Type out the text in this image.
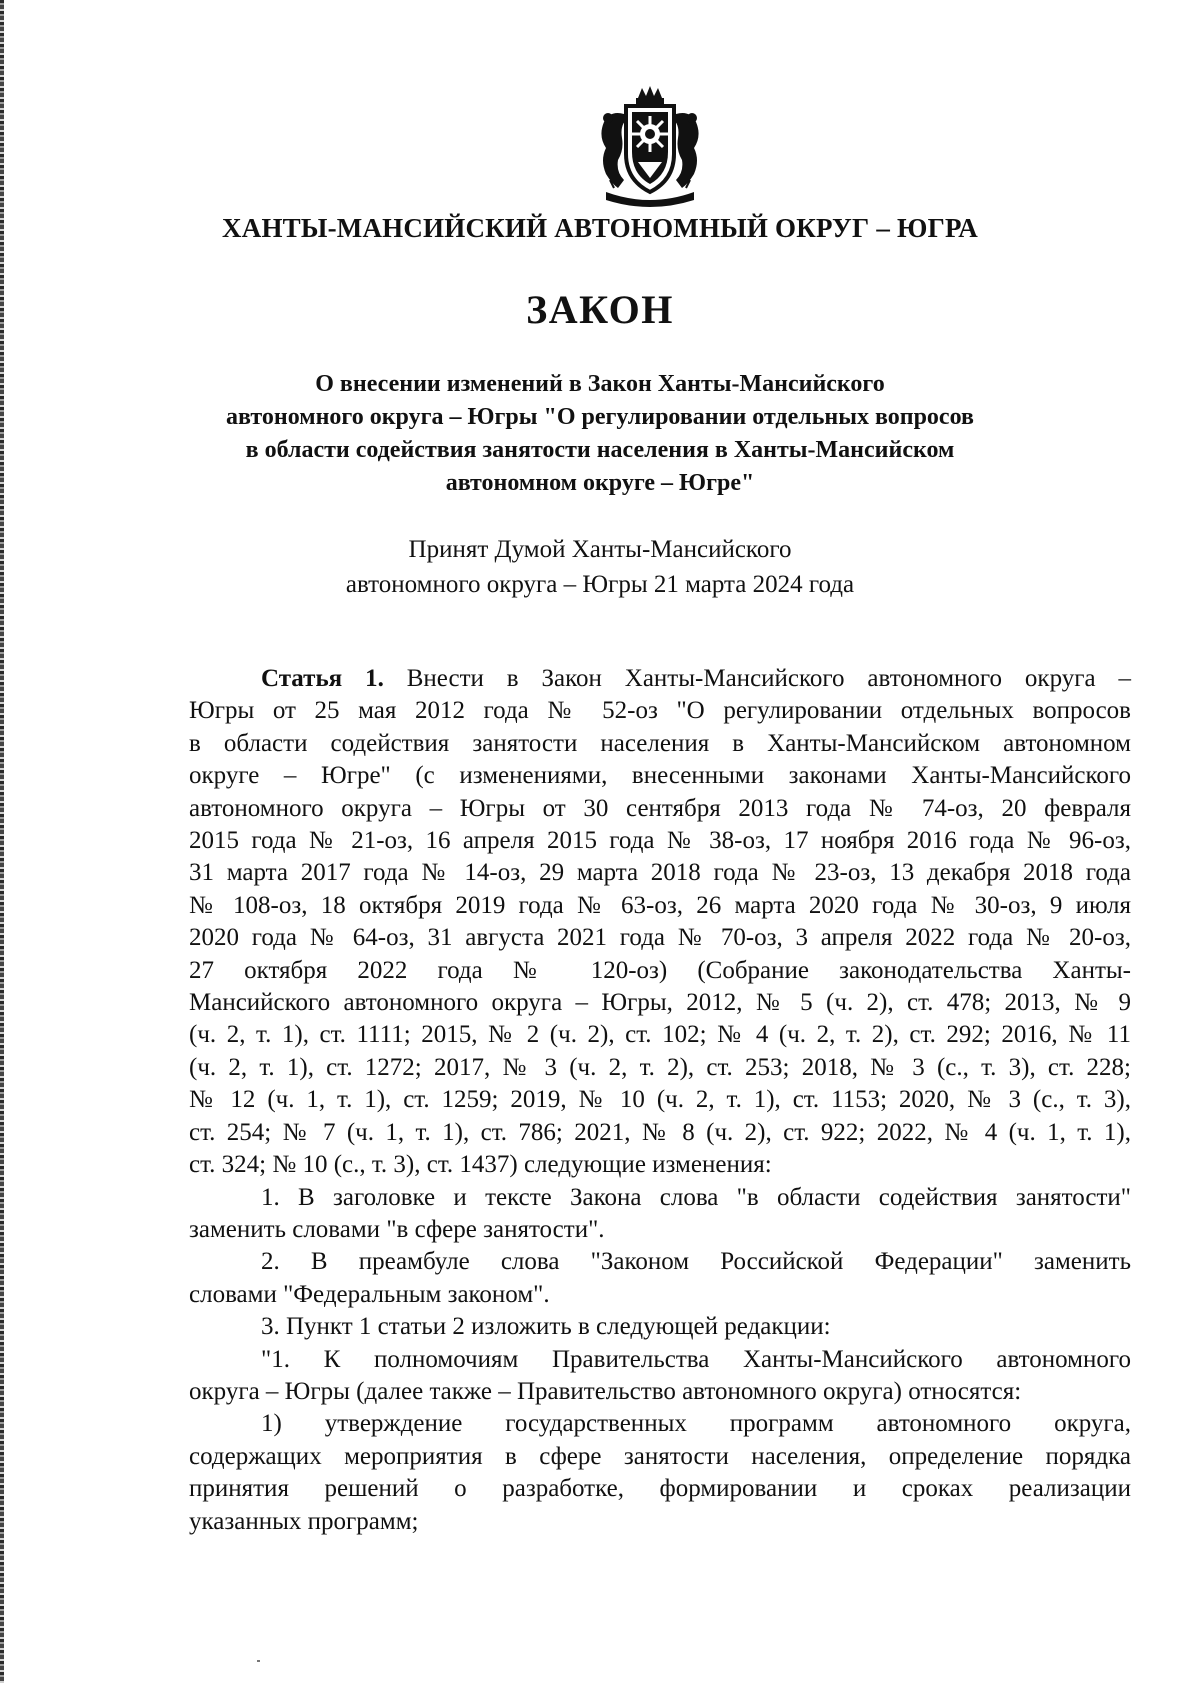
ХАНТЫ-МАНСИЙСКИЙ АВТОНОМНЫЙ ОКРУГ – ЮГРА
ЗАКОН
О внесении изменений в Закон Ханты-Мансийского
автономного округа – Югры "О регулировании отдельных вопросов
в области содействия занятости населения в Ханты-Мансийском
автономном округе – Югре"
Принят Думой Ханты-Мансийского
автономного округа – Югры 21 марта 2024 года
Статья 1. Внести в Закон Ханты-Мансийского автономного округа –
Югры от 25 мая 2012 года № 52-оз "О регулировании отдельных вопросов
в области содействия занятости населения в Ханты-Мансийском автономном
округе – Югре" (с изменениями, внесенными законами Ханты-Мансийского
автономного округа – Югры от 30 сентября 2013 года № 74-оз, 20 февраля
2015 года № 21-оз, 16 апреля 2015 года № 38-оз, 17 ноября 2016 года № 96-оз,
31 марта 2017 года № 14-оз, 29 марта 2018 года № 23-оз, 13 декабря 2018 года
№ 108-оз, 18 октября 2019 года № 63-оз, 26 марта 2020 года № 30-оз, 9 июля
2020 года № 64-оз, 31 августа 2021 года № 70-оз, 3 апреля 2022 года № 20-оз,
27 октября 2022 года № 120-оз) (Собрание законодательства Ханты-
Мансийского автономного округа – Югры, 2012, № 5 (ч. 2), ст. 478; 2013, № 9
(ч. 2, т. 1), ст. 1111; 2015, № 2 (ч. 2), ст. 102; № 4 (ч. 2, т. 2), ст. 292; 2016, № 11
(ч. 2, т. 1), ст. 1272; 2017, № 3 (ч. 2, т. 2), ст. 253; 2018, № 3 (с., т. 3), ст. 228;
№ 12 (ч. 1, т. 1), ст. 1259; 2019, № 10 (ч. 2, т. 1), ст. 1153; 2020, № 3 (с., т. 3),
ст. 254; № 7 (ч. 1, т. 1), ст. 786; 2021, № 8 (ч. 2), ст. 922; 2022, № 4 (ч. 1, т. 1),
ст. 324; № 10 (с., т. 3), ст. 1437) следующие изменения:
1. В заголовке и тексте Закона слова "в области содействия занятости"
заменить словами "в сфере занятости".
2. В преамбуле слова "Законом Российской Федерации" заменить
словами "Федеральным законом".
3. Пункт 1 статьи 2 изложить в следующей редакции:
"1. К полномочиям Правительства Ханты-Мансийского автономного
округа – Югры (далее также – Правительство автономного округа) относятся:
1) утверждение государственных программ автономного округа,
содержащих мероприятия в сфере занятости населения, определение порядка
принятия решений о разработке, формировании и сроках реализации
указанных программ;
